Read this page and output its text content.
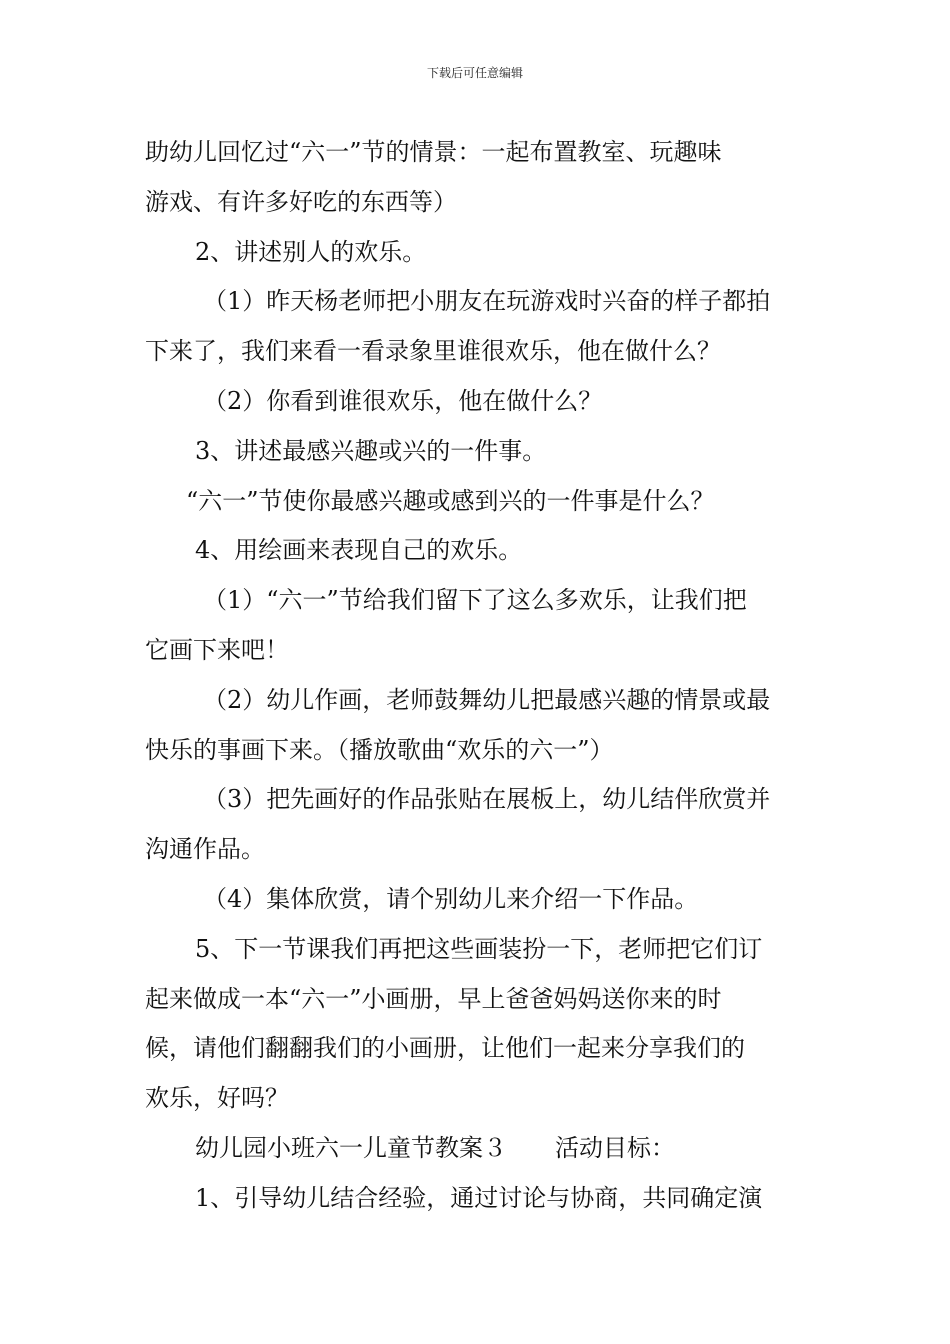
下载后可任意编辑

助幼儿回忆过“六一”节的情景：一起布置教室、玩趣味
游戏、有许多好吃的东西等）

2、讲述别人的欢乐。

（1）昨天杨老师把小朋友在玩游戏时兴奋的样子都拍
下来了，我们来看一看录象里谁很欢乐，他在做什么？

（2）你看到谁很欢乐，他在做什么？

3、讲述最感兴趣或兴的一件事。

“六一”节使你最感兴趣或感到兴的一件事是什么？

4、用绘画来表现自己的欢乐。

（1）“六一”节给我们留下了这么多欢乐，让我们把
它画下来吧！

（2）幼儿作画，老师鼓舞幼儿把最感兴趣的情景或最
快乐的事画下来。（播放歌曲“欢乐的六一”）

（3）把先画好的作品张贴在展板上，幼儿结伴欣赏并
沟通作品。

（4）集体欣赏，请个别幼儿来介绍一下作品。

5、下一节课我们再把这些画装扮一下，老师把它们订
起来做成一本“六一”小画册，早上爸爸妈妈送你来的时
候，请他们翻翻我们的小画册，让他们一起来分享我们的
欢乐，好吗？

幼儿园小班六一儿童节教案３ 活动目标：

1、引导幼儿结合经验，通过讨论与协商，共同确定演
